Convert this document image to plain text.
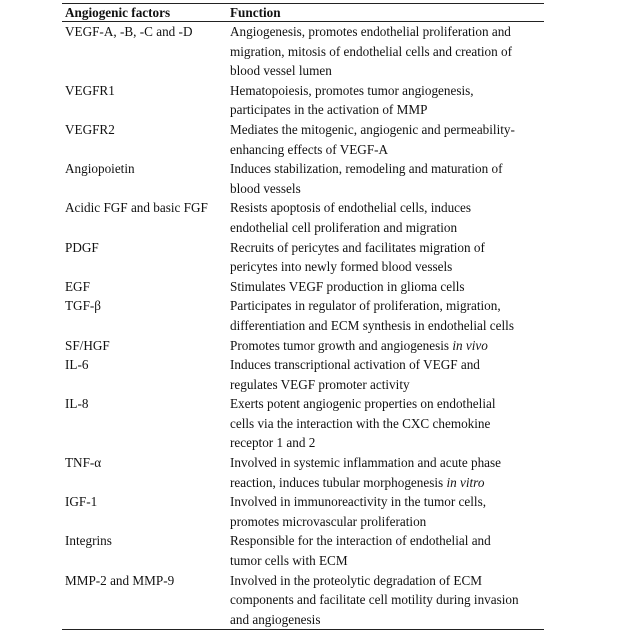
Angiogenic factors	Function
VEGF-A, -B, -C and -D	Angiogenesis, promotes endothelial proliferation and
migration, mitosis of endothelial cells and creation of
blood vessel lumen
VEGFR1	Hematopoiesis, promotes tumor angiogenesis,
participates in the activation of MMP
VEGFR2	Mediates the mitogenic, angiogenic and permeability-
enhancing effects of VEGF-A
Angiopoietin	Induces stabilization, remodeling and maturation of
blood vessels
Acidic FGF and basic FGF	Resists apoptosis of endothelial cells, induces
endothelial cell proliferation and migration
PDGF	Recruits of pericytes and facilitates migration of
pericytes into newly formed blood vessels
EGF	Stimulates VEGF production in glioma cells
TGF-β	Participates in regulator of proliferation, migration,
differentiation and ECM synthesis in endothelial cells
SF/HGF	Promotes tumor growth and angiogenesis in vivo
IL-6	Induces transcriptional activation of VEGF and
regulates VEGF promoter activity
IL-8	Exerts potent angiogenic properties on endothelial
cells via the interaction with the CXC chemokine
receptor 1 and 2
TNF-α	Involved in systemic inflammation and acute phase
reaction, induces tubular morphogenesis in vitro
IGF-1	Involved in immunoreactivity in the tumor cells,
promotes microvascular proliferation
Integrins	Responsible for the interaction of endothelial and
tumor cells with ECM
MMP-2 and MMP-9	Involved in the proteolytic degradation of ECM
components and facilitate cell motility during invasion
and angiogenesis
